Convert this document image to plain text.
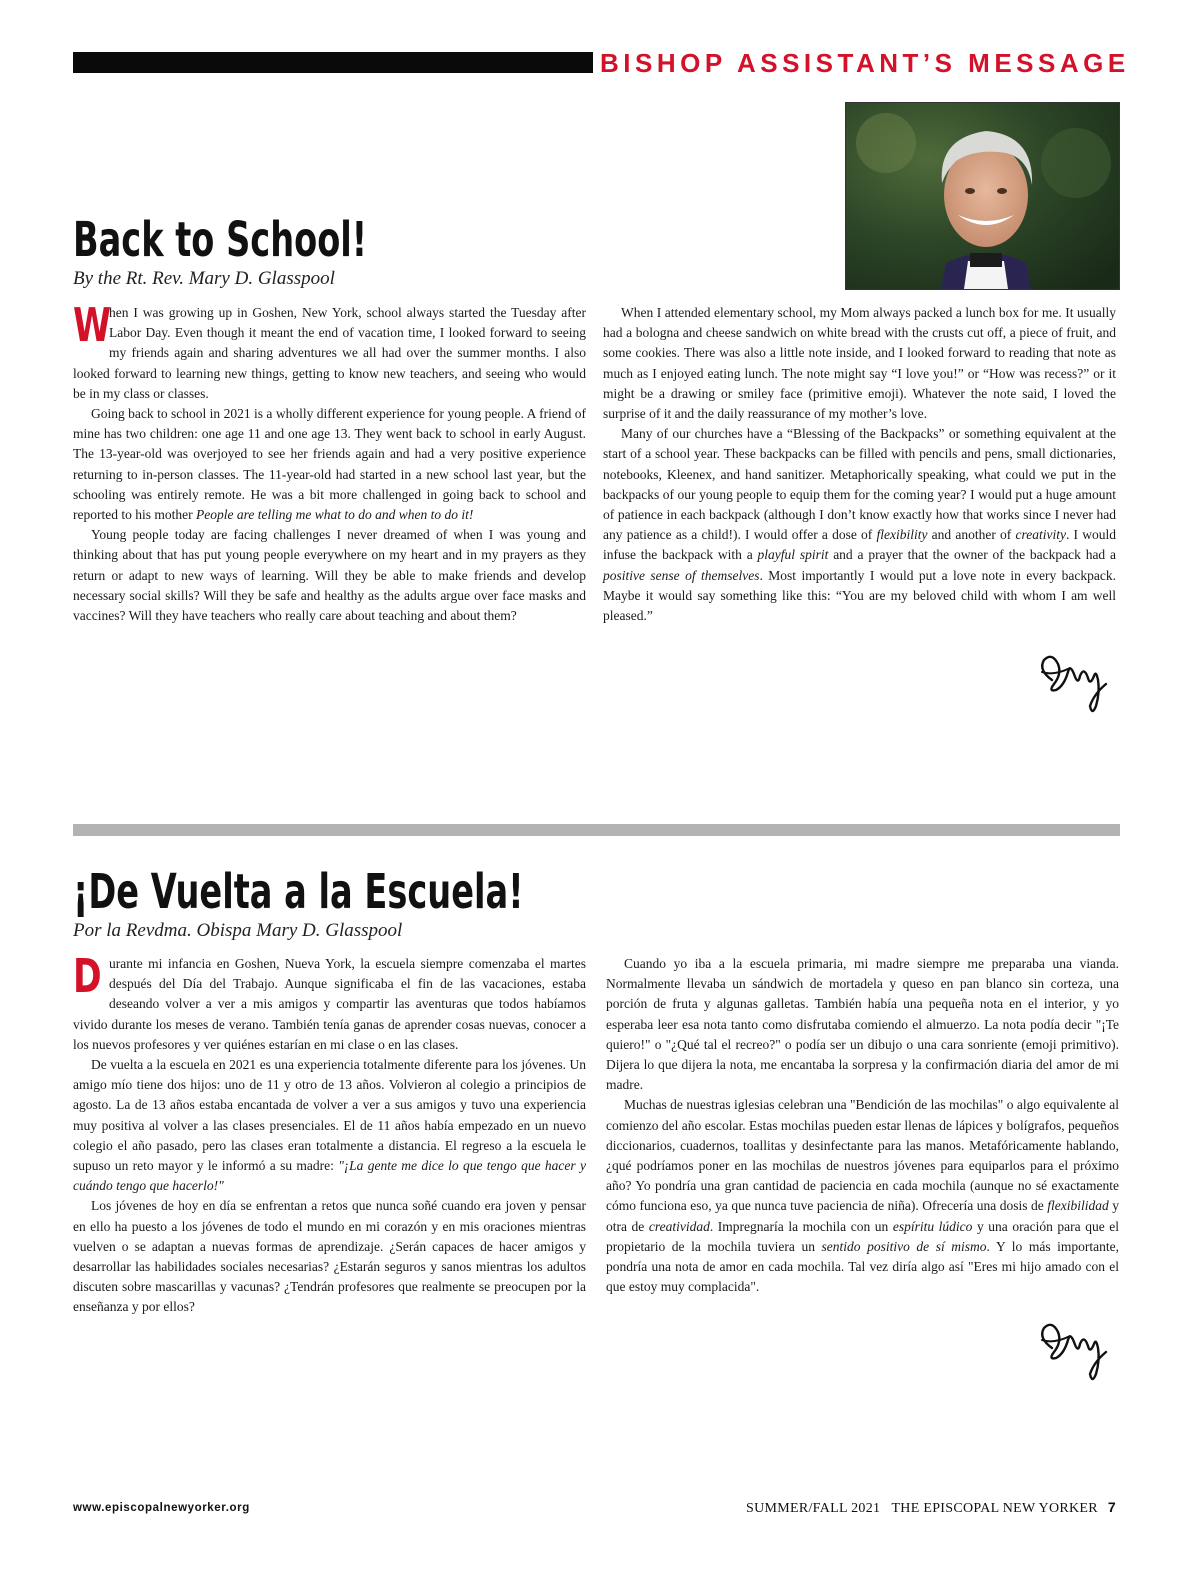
BISHOP ASSISTANT’S MESSAGE
Back to School!
By the Rt. Rev. Mary D. Glasspool

W
hen I was growing up in Goshen, New York, school always started the Tuesday after Labor Day. Even though it meant the end of vacation time, I looked forward to seeing my friends again and sharing adventures we all had over the summer months. I also looked forward to learning new things, getting to know new teachers, and seeing who would be in my class or classes.

Going back to school in 2021 is a wholly different experience for young people. A friend of mine has two children: one age 11 and one age 13. They went back to school in early August. The 13-year-old was overjoyed to see her friends again and had a very positive experience returning to in-person classes. The 11-year-old had started in a new school last year, but the schooling was entirely remote. He was a bit more challenged in going back to school and reported to his mother People are telling me what to do and when to do it!

Young people today are facing challenges I never dreamed of when I was young and thinking about that has put young people everywhere on my heart and in my prayers as they return or adapt to new ways of learning. Will they be able to make friends and develop necessary social skills? Will they be safe and healthy as the adults argue over face masks and vaccines? Will they have teachers who really care about teaching and about them?

When I attended elementary school, my Mom always packed a lunch box for me. It usually had a bologna and cheese sandwich on white bread with the crusts cut off, a piece of fruit, and some cookies. There was also a little note inside, and I looked forward to reading that note as much as I enjoyed eating lunch. The note might say “I love you!” or “How was recess?” or it might be a drawing or smiley face (primitive emoji). Whatever the note said, I loved the surprise of it and the daily reassurance of my mother’s love.

Many of our churches have a “Blessing of the Backpacks” or something equivalent at the start of a school year. These backpacks can be filled with pencils and pens, small dictionaries, notebooks, Kleenex, and hand sanitizer. Metaphorically speaking, what could we put in the backpacks of our young people to equip them for the coming year? I would put a huge amount of patience in each backpack (although I don’t know exactly how that works since I never had any patience as a child!). I would offer a dose of flexibility and another of creativity. I would infuse the backpack with a playful spirit and a prayer that the owner of the backpack had a positive sense of themselves. Most importantly I would put a love note in every backpack. Maybe it would say something like this: “You are my beloved child with whom I am well pleased.”

¡De Vuelta a la Escuela!
Por la Revdma. Obispa Mary D. Glasspool

Durante mi infancia en Goshen, Nueva York, la escuela siempre comenzaba el martes después del Día del Trabajo. Aunque significaba el fin de las vacaciones, estaba deseando volver a ver a mis amigos y compartir las aventuras que todos habíamos vivido durante los meses de verano. También tenía ganas de aprender cosas nuevas, conocer a los nuevos profesores y ver quiénes estarían en mi clase o en las clases.

De vuelta a la escuela en 2021 es una experiencia totalmente diferente para los jóvenes. Un amigo mío tiene dos hijos: uno de 11 y otro de 13 años. Volvieron al colegio a principios de agosto. La de 13 años estaba encantada de volver a ver a sus amigos y tuvo una experiencia muy positiva al volver a las clases presenciales. El de 11 años había empezado en un nuevo colegio el año pasado, pero las clases eran totalmente a distancia. El regreso a la escuela le supuso un reto mayor y le informó a su madre: "¡La gente me dice lo que tengo que hacer y cuándo tengo que hacerlo!"

Los jóvenes de hoy en día se enfrentan a retos que nunca soñé cuando era joven y pensar en ello ha puesto a los jóvenes de todo el mundo en mi corazón y en mis oraciones mientras vuelven o se adaptan a nuevas formas de aprendizaje. ¿Serán capaces de hacer amigos y desarrollar las habilidades sociales necesarias? ¿Estarán seguros y sanos mientras los adultos discuten sobre mascarillas y vacunas? ¿Tendrán profesores que realmente se preocupen por la enseñanza y por ellos?

Cuando yo iba a la escuela primaria, mi madre siempre me preparaba una vianda. Normalmente llevaba un sándwich de mortadela y queso en pan blanco sin corteza, una porción de fruta y algunas galletas. También había una pequeña nota en el interior, y yo esperaba leer esa nota tanto como disfrutaba comiendo el almuerzo. La nota podía decir "¡Te quiero!" o "¿Qué tal el recreo?" o podía ser un dibujo o una cara sonriente (emoji primitivo). Dijera lo que dijera la nota, me encantaba la sorpresa y la confirmación diaria del amor de mi madre.

Muchas de nuestras iglesias celebran una "Bendición de las mochilas" o algo equivalente al comienzo del año escolar. Estas mochilas pueden estar llenas de lápices y bolígrafos, pequeños diccionarios, cuadernos, toallitas y desinfectante para las manos. Metafóricamente hablando, ¿qué podríamos poner en las mochilas de nuestros jóvenes para equiparlos para el próximo año? Yo pondría una gran cantidad de paciencia en cada mochila (aunque no sé exactamente cómo funciona eso, ya que nunca tuve paciencia de niña). Ofrecería una dosis de flexibilidad y otra de creatividad. Impregnaría la mochila con un espíritu lúdico y una oración para que el propietario de la mochila tuviera un sentido positivo de sí mismo. Y lo más importante, pondría una nota de amor en cada mochila. Tal vez diría algo así "Eres mi hijo amado con el que estoy muy complacida".

www.episcopalnewyorker.org	SUMMER/FALL 2021   THE EPISCOPAL NEW YORKER 7
